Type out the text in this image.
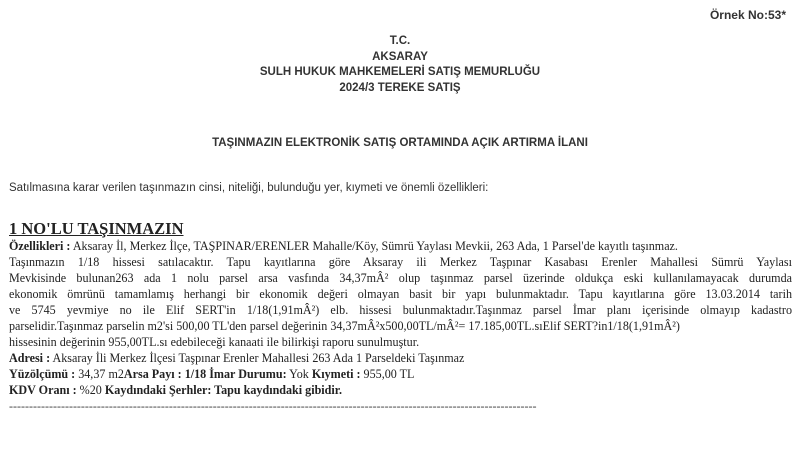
Örnek No:53*
T.C.
AKSARAY
SULH HUKUK MAHKEMELERİ SATIŞ MEMURLUĞU
2024/3 TEREKE SATIŞ
TAŞINMAZIN ELEKTRONİK SATIŞ ORTAMINDA AÇIK ARTIRMA İLANI
Satılmasına karar verilen taşınmazın cinsi, niteliği, bulunduğu yer, kıymeti ve önemli özellikleri:
1 NO'LU TAŞINMAZIN
Özellikleri : Aksaray İl, Merkez İlçe, TAŞPINAR/ERENLER Mahalle/Köy, Sümrü Yaylası Mevkii, 263 Ada, 1 Parsel'de kayıtlı taşınmaz.
Taşınmazın 1/18 hissesi satılacaktır. Tapu kayıtlarına göre Aksaray ili Merkez Taşpınar Kasabası Erenler Mahallesi Sümrü Yaylası
Mevkisinde bulunan263 ada 1 nolu parsel arsa vasfında 34,37mÂ² olup taşınmaz parsel üzerinde oldukça eski kullanılamayacak durumda
ekonomik ömrünü tamamlamış herhangi bir ekonomik değeri olmayan basit bir yapı bulunmaktadır. Tapu kayıtlarına göre 13.03.2014 tarih
ve 5745 yevmiye no ile Elif SERT'in 1/18(1,91mÂ²) elb. hissesi bulunmaktadır.Taşınmaz parsel İmar planı içerisinde olmayıp kadastro
parselidir.Taşınmaz parselin m2'si 500,00 TL'den parsel değerinin 34,37mÂ²x500,00TL/mÂ²= 17.185,00TL.sıElif SERT?in1/18(1,91mÂ²)
hissesinin değerinin 955,00TL.sı edebileceği kanaati ile bilirkişi raporu sunulmuştur.
Adresi : Aksaray İli Merkez İlçesi Taşpınar Erenler Mahallesi 263 Ada 1 Parseldeki Taşınmaz
Yüzölçümü : 34,37 m2Arsa Payı : 1/18 İmar Durumu: Yok Kıymeti : 955,00 TL
KDV Oranı : %20 Kaydındaki Şerhler: Tapu kaydındaki gibidir.
------------------------------------------------------------------------------------------------------------------------------------
